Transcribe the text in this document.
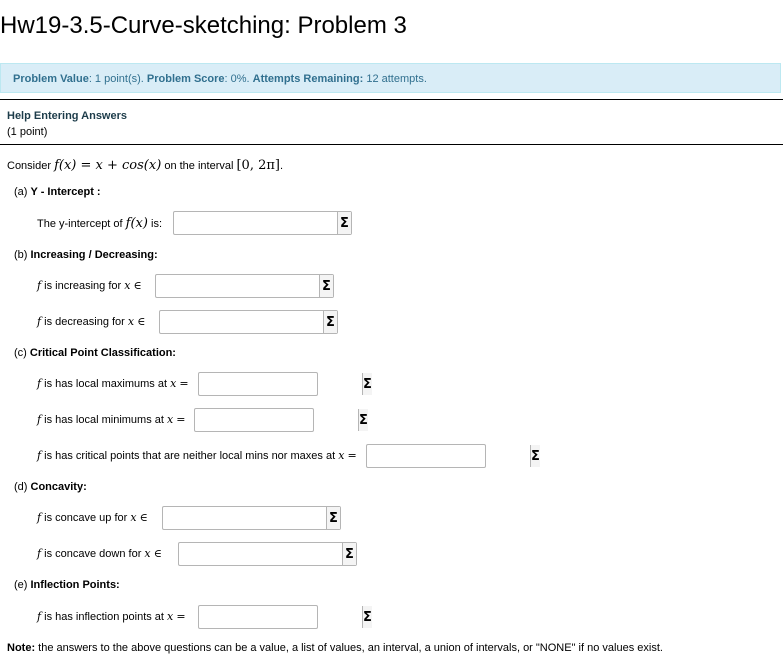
Hw19-3.5-Curve-sketching: Problem 3
Problem Value: 1 point(s). Problem Score: 0%. Attempts Remaining: 12 attempts.
Help Entering Answers
(1 point)
Consider f(x) = x + cos(x) on the interval [0, 2π].
(a) Y - Intercept :
The y-intercept of f(x) is:	Σ
(b) Increasing / Decreasing:
f is increasing for x ∈	Σ
f is decreasing for x ∈	Σ
(c) Critical Point Classification:
f is has local maximums at x =	Σ
f is has local minimums at x =	Σ
f is has critical points that are neither local mins nor maxes at x =	Σ
(d) Concavity:
f is concave up for x ∈	Σ
f is concave down for x ∈	Σ
(e) Inflection Points:
f is has inflection points at x =	Σ
Note: the answers to the above questions can be a value, a list of values, an interval, a union of intervals, or "NONE" if no values exist.
